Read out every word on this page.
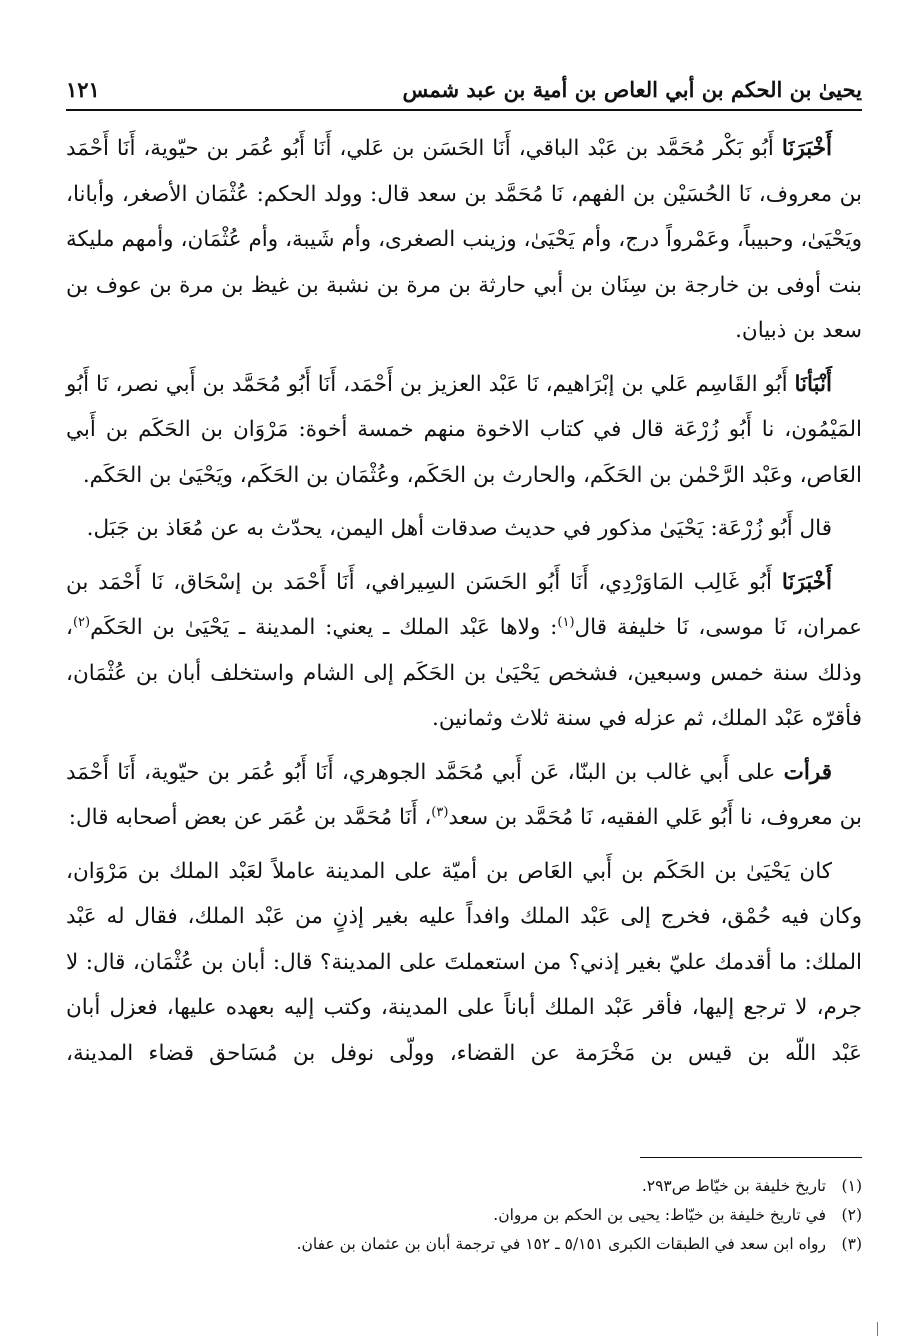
يحيىٰ بن الحكم بن أبي العاص بن أمية بن عبد شمس
١٢١

أَخْبَرَنَا أَبُو بَكْر مُحَمَّد بن عَبْد الباقي، أَنَا الحَسَن بن عَلي، أَنَا أَبُو عُمَر بن حيّوية، أَنَا أَحْمَد بن معروف، نَا الحُسَيْن بن الفهم، نَا مُحَمَّد بن سعد قال: وولد الحكم: عُثْمَان الأصغر، وأبانا، ويَحْيَىٰ، وحبيباً، وعَمْرواً درج، وأم يَحْيَىٰ، وزينب الصغرى، وأم شَيبة، وأم عُثْمَان، وأمهم مليكة بنت أوفى بن خارجة بن سِنَان بن أبي حارثة بن مرة بن نشبة بن غيظ بن مرة بن عوف بن سعد بن ذبيان.

أَنْبَأنَا أَبُو القَاسِم عَلي بن إبْرَاهيم، نَا عَبْد العزيز بن أَحْمَد، أَنَا أَبُو مُحَمَّد بن أَبي نصر، نَا أَبُو المَيْمُون، نا أَبُو زُرْعَة قال في كتاب الاخوة منهم خمسة أخوة: مَرْوَان بن الحَكَم بن أَبي العَاص، وعَبْد الرَّحْمٰن بن الحَكَم، والحارث بن الحَكَم، وعُثْمَان بن الحَكَم، ويَحْيَىٰ بن الحَكَم.

قال أَبُو زُرْعَة: يَحْيَىٰ مذكور في حديث صدقات أهل اليمن، يحدّث به عن مُعَاذ بن جَبَل.

أَخْبَرَنَا أَبُو غَالِب المَاوَرْدِي، أَنَا أَبُو الحَسَن السِيرافي، أَنَا أَحْمَد بن إسْحَاق، نَا أَحْمَد بن عمران، نَا موسى، نَا خليفة قال$^{(١)}$: ولاها عَبْد الملك ـ يعني: المدينة ـ يَحْيَىٰ بن الحَكَم$^{(٢)}$، وذلك سنة خمس وسبعين، فشخص يَحْيَىٰ بن الحَكَم إلى الشام واستخلف أبان بن عُثْمَان، فأقرّه عَبْد الملك، ثم عزله في سنة ثلاث وثمانين.

قرأت على أَبي غالب بن البنّا، عَن أَبي مُحَمَّد الجوهري، أَنَا أَبُو عُمَر بن حيّوية، أَنَا أَحْمَد بن معروف، نا أَبُو عَلي الفقيه، نَا مُحَمَّد بن سعد$^{(٣)}$، أَنَا مُحَمَّد بن عُمَر عن بعض أصحابه قال:

كان يَحْيَىٰ بن الحَكَم بن أَبي العَاص بن أميّة على المدينة عاملاً لعَبْد الملك بن مَرْوَان، وكان فيه حُمْق، فخرج إلى عَبْد الملك وافداً عليه بغير إذنٍ من عَبْد الملك، فقال له عَبْد الملك: ما أقدمك عليّ بغير إذني؟ من استعملتَ على المدينة؟ قال: أبان بن عُثْمَان، قال: لا جرم، لا ترجع إليها، فأقر عَبْد الملك أباناً على المدينة، وكتب إليه بعهده عليها، فعزل أبان عَبْد اللّه بن قيس بن مَخْرَمة عن القضاء، وولّى نوفل بن مُسَاحق قضاء المدينة،

(١)
تاريخ خليفة بن خيّاط ص٢٩٣.
(٢)
في تاريخ خليفة بن خيّاط: يحيى بن الحكم بن مروان.
(٣)
رواه ابن سعد في الطبقات الكبرى ٥/١٥١ ـ ١٥٢ في ترجمة أبان بن عثمان بن عفان.
